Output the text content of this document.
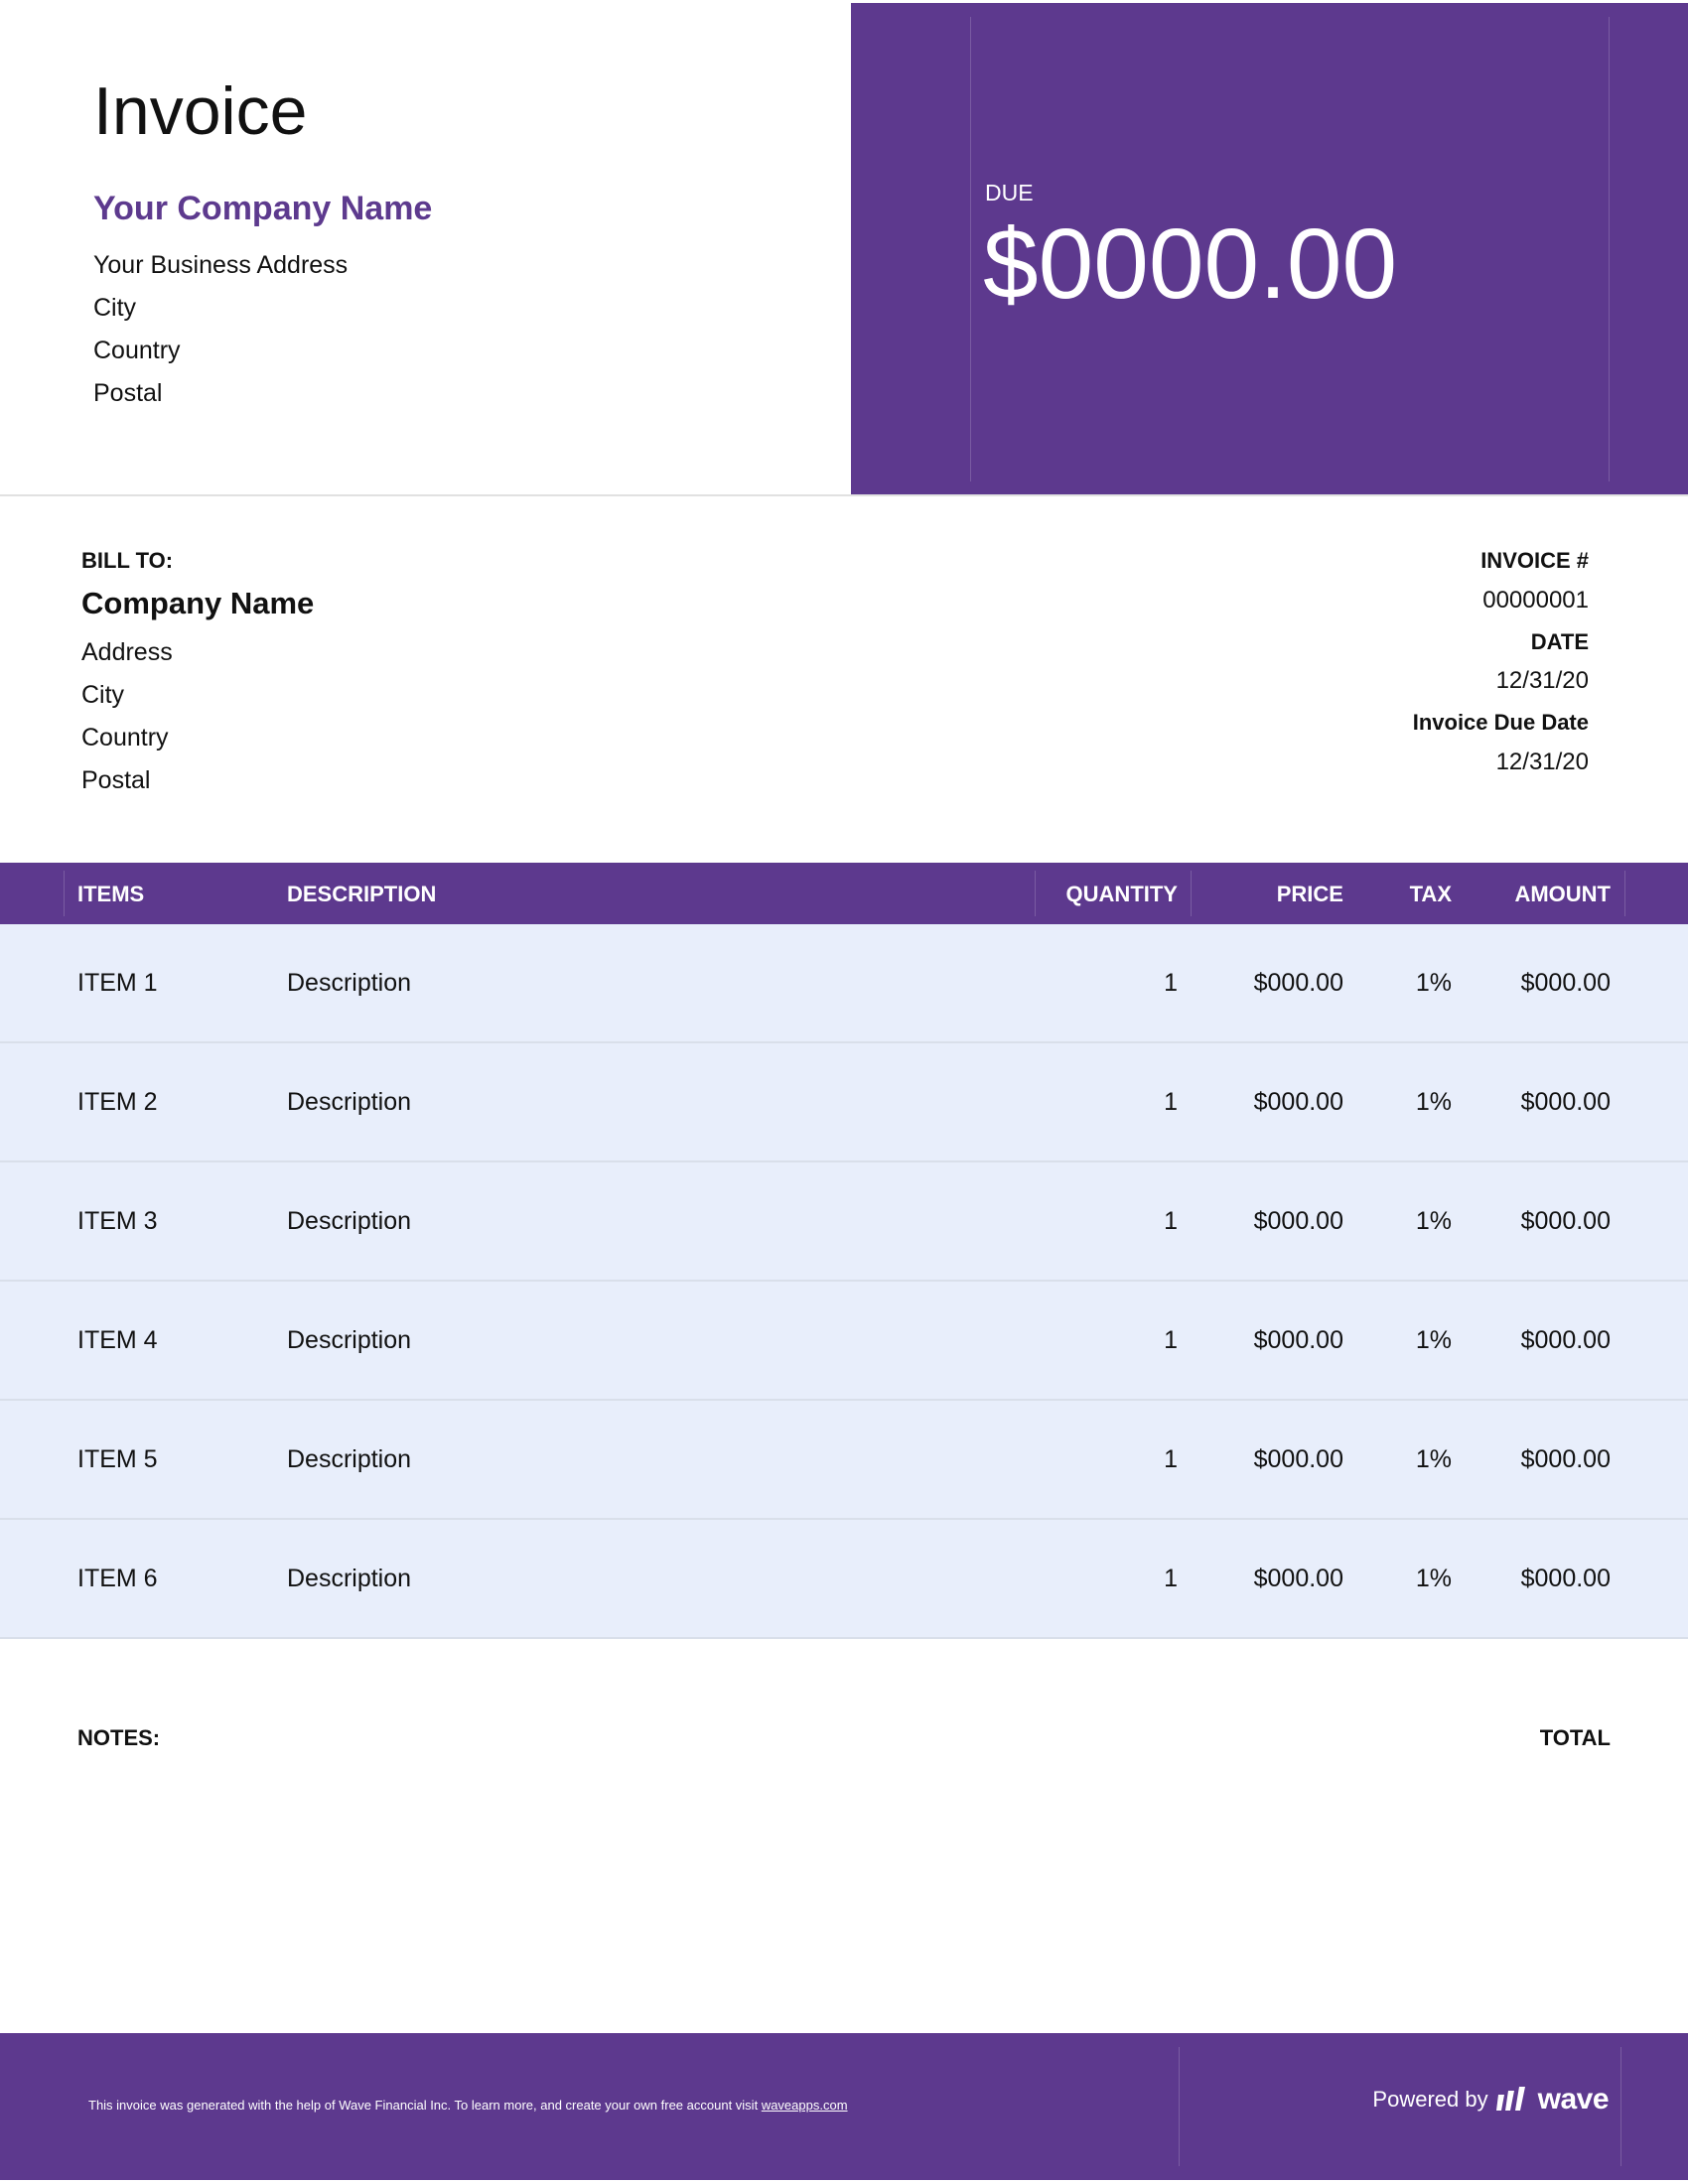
Invoice
Your Company Name
Your Business Address
City
Country
Postal
DUE
$0000.00
BILL TO:
Company Name
Address
City
Country
Postal
INVOICE #
00000001
DATE
12/31/20
Invoice Due Date
12/31/20
ITEMS	DESCRIPTION	QUANTITY	PRICE	TAX	AMOUNT
ITEM 1	Description	1	$000.00	1%	$000.00
ITEM 2	Description	1	$000.00	1%	$000.00
ITEM 3	Description	1	$000.00	1%	$000.00
ITEM 4	Description	1	$000.00	1%	$000.00
ITEM 5	Description	1	$000.00	1%	$000.00
ITEM 6	Description	1	$000.00	1%	$000.00
NOTES:	TOTAL
This invoice was generated with the help of Wave Financial Inc. To learn more, and create your own free account visit waveapps.com	Powered by wave
